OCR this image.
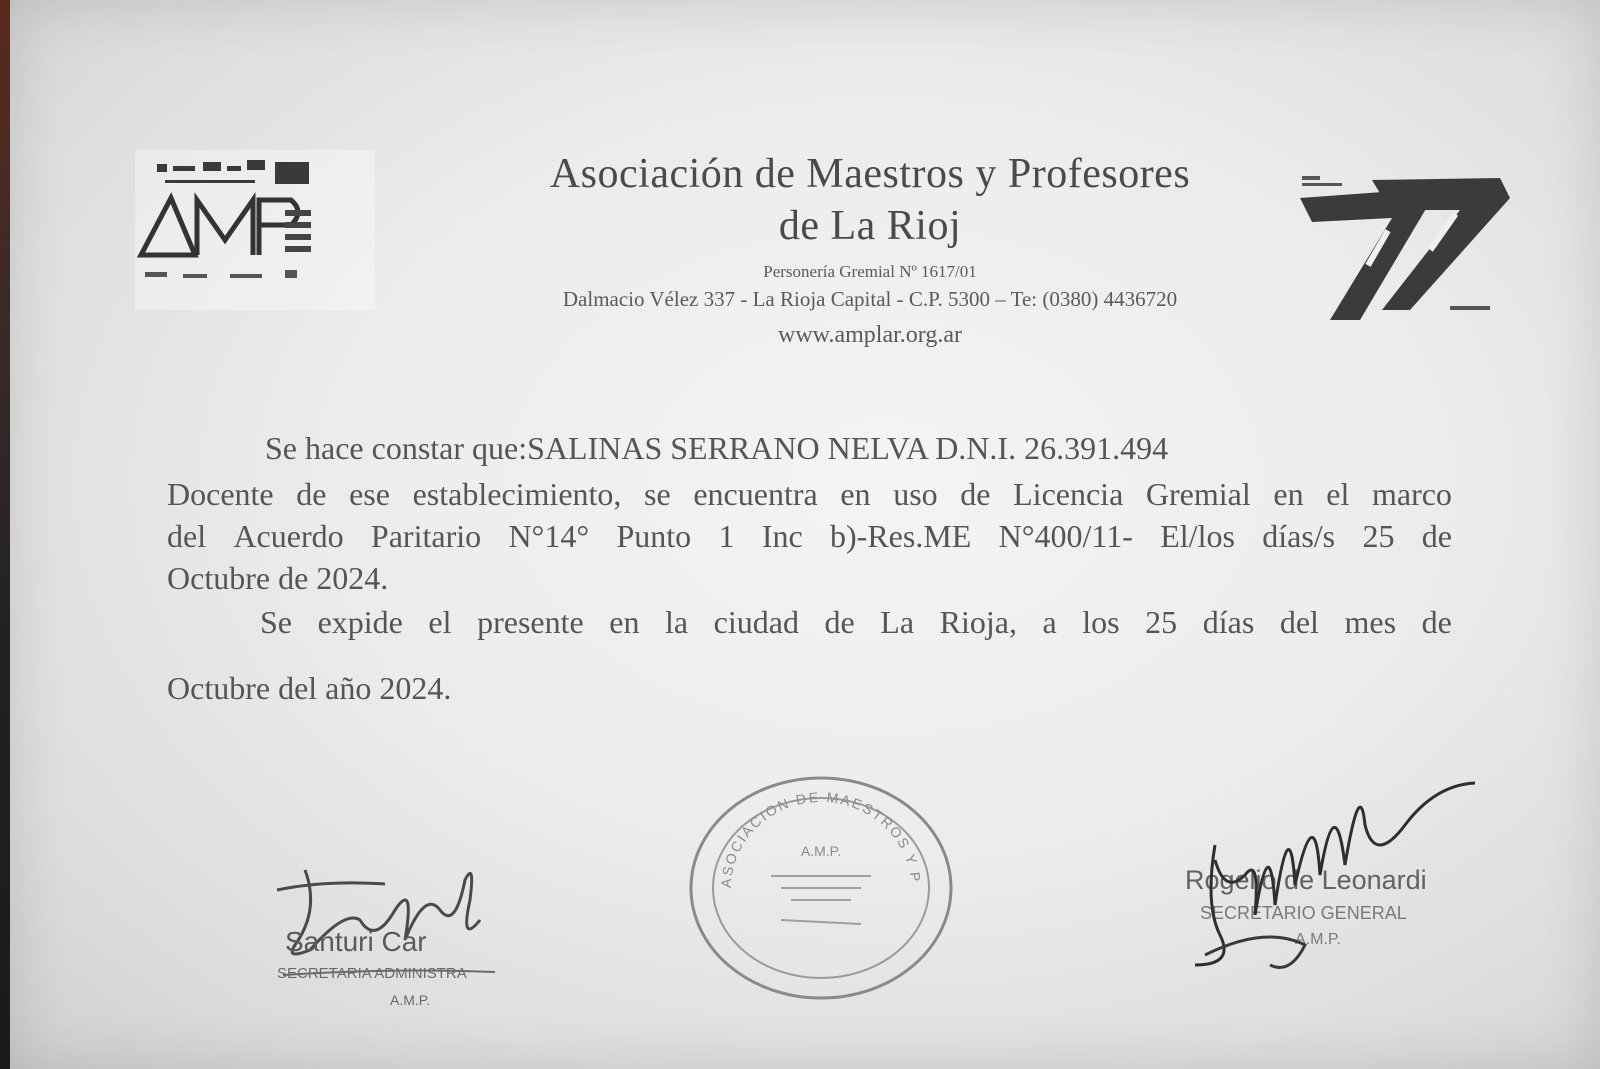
Asociación de Maestros y Profesores
de La Rioj
Personería Gremial Nº 1617/01
Dalmacio Vélez 337 - La Rioja Capital - C.P. 5300 – Te: (0380) 4436720
www.amplar.org.ar
Se hace constar que:SALINAS SERRANO NELVA D.N.I. 26.391.494
Docente de ese establecimiento, se encuentra en uso de Licencia Gremial en el marco
del Acuerdo Paritario N°14° Punto 1 Inc b)-Res.ME N°400/11- El/los días/s 25 de
Octubre de 2024.
Se expide el presente en la ciudad de La Rioja, a los 25 días del mes de
Octubre del año 2024.
Santuri Car
SECRETARIA ADMINISTRA
A.M.P.
ASOCIACION DE MAESTROS Y P
A.M.P.
Rogelio de Leonardi
SECRETARIO GENERAL
A.M.P.
